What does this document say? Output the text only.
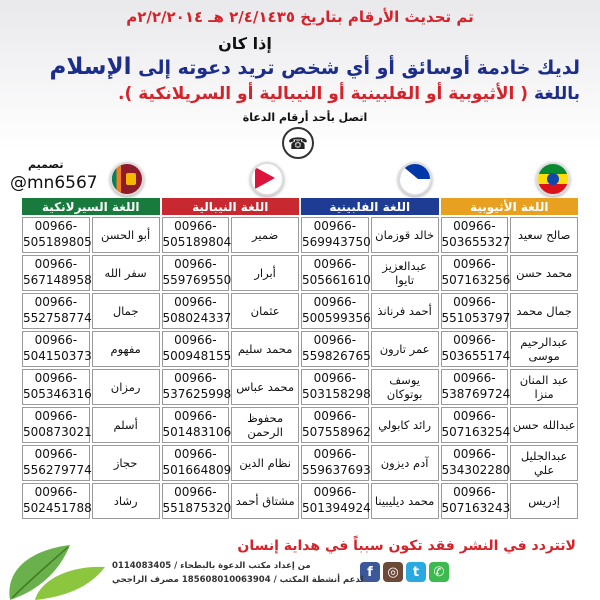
تم تحديث الأرقام بتاريخ ٢/٤/١٤٣٥ هـ ٢/٢/٢٠١٤م
إذا كان
لديك خادمة أوسائق أو أي شخص تريد دعوته إلى الإسلام
باللغة ( الأثيوبية أو الفلبينية أو النيبالية أو السريلانكية ).
اتصل بأحد أرقام الدعاة
☎
تصميم
@mn6567
اللغة الأثيوبية		اللغة الفلبينية		اللغة النيبالية		اللغة السيرلانكية	
صالح سعيد	00966-503655327	خالد قوزمان	00966-569943750	ضمير	00966-505189804	أبو الحسن	00966-505189805
محمد حسن	00966-507163256	عبدالعزيز تايوا	00966-505661610	أبرار	00966-559769550	سفر الله	00966-567148958
جمال محمد	00966-551053797	أحمد فرنانذ	00966-500599356	عثمان	00966-508024337	جمال	00966-552758774
عبدالرحيم موسى	00966-503655174	عمر تارون	00966-559826765	محمد سليم	00966-500948155	مفهوم	00966-504150373
عبد المنان منزا	00966-538769724	يوسف بوتوكان	00966-503158298	محمد عباس	00966-537625998	رمزان	00966-505346316
عبدالله حسن	00966-507163254	رائد كابولي	00966-507558962	محفوظ الرحمن	00966-501483106	أسلم	00966-500873021
عبدالجليل علي	00966-534302280	آدم ديزون	00966-559637693	نظام الدين	00966-501664809	حجاز	00966-556279774
إدريس	00966-507163243	محمد ديليبينا	00966-501394924	مشتاق أحمد	00966-551875320	رشاد	00966-502451788
لاتتردد في النشر فقد تكون سبباً في هداية إنسان
f	◎	t	✆
من إعداد مكتب الدعوة بالبطحاء / 0114083405
لدعم أنشطة المكتب / 185608010063904 مصرف الراجحي
